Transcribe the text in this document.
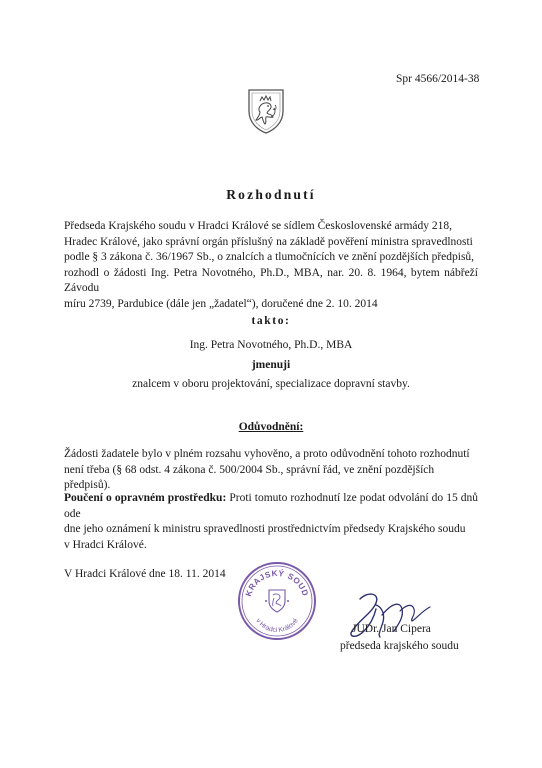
Spr 4566/2014-38
Rozhodnutí
Předseda Krajského soudu v Hradci Králové se sídlem Československé armády 218,
Hradec Králové, jako správní orgán příslušný na základě pověření ministra spravedlnosti
podle § 3 zákona č. 36/1967 Sb., o znalcích a tlumočnících ve znění pozdějších předpisů,
rozhodl o žádosti Ing. Petra Novotného, Ph.D., MBA, nar. 20. 8. 1964, bytem nábřeží Závodu
míru 2739, Pardubice (dále jen „žadatel“), doručené dne 2. 10. 2014
takto:
Ing. Petra Novotného, Ph.D., MBA
jmenuji
znalcem v oboru projektování, specializace dopravní stavby.
Odůvodnění:
Žádosti žadatele bylo v plném rozsahu vyhověno, a proto odůvodnění tohoto rozhodnutí
není třeba (§ 68 odst. 4 zákona č. 500/2004 Sb., správní řád, ve znění pozdějších předpisů).
Poučení o opravném prostředku: Proti tomuto rozhodnutí lze podat odvolání do 15 dnů ode
dne jeho oznámení k ministru spravedlnosti prostřednictvím předsedy Krajského soudu
v Hradci Králové.
V Hradci Králové dne 18. 11. 2014
KRAJSKÝ SOUD
v Hradci Králové
JUDr. Jan Cipera
předseda krajského soudu
